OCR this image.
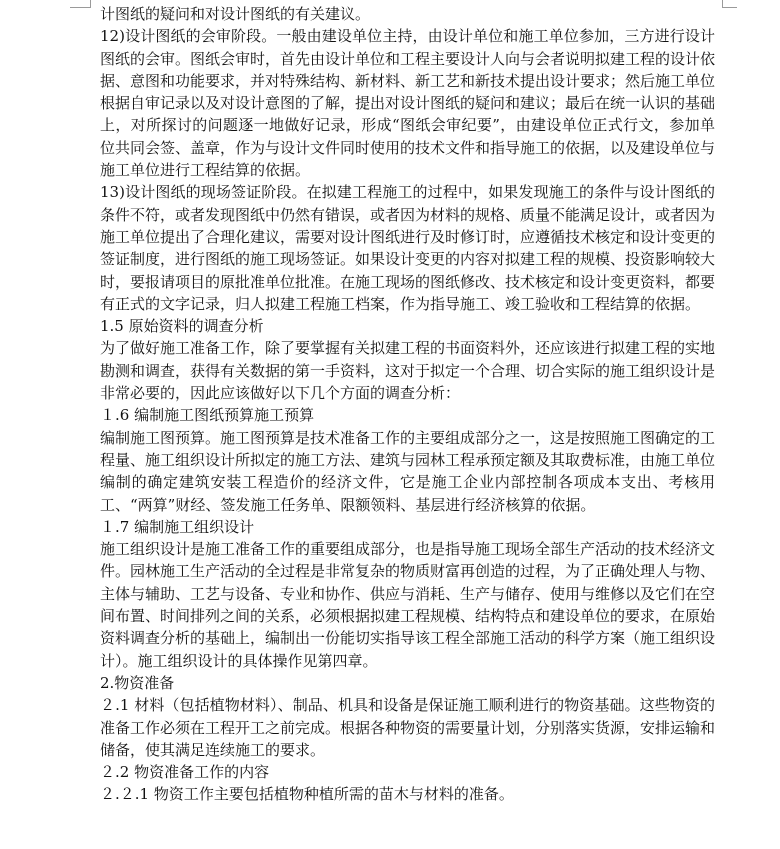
计图纸的疑问和对设计图纸的有关建议。

12)设计图纸的会审阶段。一般由建设单位主持，由设计单位和施工单位参加，三方进行设计图纸的会审。图纸会审时，首先由设计单位和工程主要设计人向与会者说明拟建工程的设计依据、意图和功能要求，并对特殊结构、新材料、新工艺和新技术提出设计要求；然后施工单位根据自审记录以及对设计意图的了解，提出对设计图纸的疑问和建议；最后在统一认识的基础上，对所探讨的问题逐一地做好记录，形成“图纸会审纪要”，由建设单位正式行文，参加单位共同会签、盖章，作为与设计文件同时使用的技术文件和指导施工的依据，以及建设单位与施工单位进行工程结算的依据。

13)设计图纸的现场签证阶段。在拟建工程施工的过程中，如果发现施工的条件与设计图纸的条件不符，或者发现图纸中仍然有错误，或者因为材料的规格、质量不能满足设计，或者因为施工单位提出了合理化建议，需要对设计图纸进行及时修订时，应遵循技术核定和设计变更的签证制度，进行图纸的施工现场签证。如果设计变更的内容对拟建工程的规模、投资影响较大时，要报请项目的原批准单位批准。在施工现场的图纸修改、技术核定和设计变更资料，都要有正式的文字记录，归人拟建工程施工档案，作为指导施工、竣工验收和工程结算的依据。

1.5 原始资料的调查分析

为了做好施工准备工作，除了要掌握有关拟建工程的书面资料外，还应该进行拟建工程的实地勘测和调查，获得有关数据的第一手资料，这对于拟定一个合理、切合实际的施工组织设计是非常必要的，因此应该做好以下几个方面的调查分析：

１.6 编制施工图纸预算施工预算

编制施工图预算。施工图预算是技术准备工作的主要组成部分之一，这是按照施工图确定的工程量、施工组织设计所拟定的施工方法、建筑与园林工程承预定额及其取费标准，由施工单位编制的确定建筑安装工程造价的经济文件，它是施工企业内部控制各项成本支出、考核用工、“两算”财经、签发施工任务单、限额领料、基层进行经济核算的依据。

１.7 编制施工组织设计

施工组织设计是施工准备工作的重要组成部分，也是指导施工现场全部生产活动的技术经济文件。园林施工生产活动的全过程是非常复杂的物质财富再创造的过程，为了正确处理人与物、主体与辅助、工艺与设备、专业和协作、供应与消耗、生产与储存、使用与维修以及它们在空间布置、时间排列之间的关系，必须根据拟建工程规模、结构特点和建设单位的要求，在原始资料调查分析的基础上，编制出一份能切实指导该工程全部施工活动的科学方案（施工组织设计）。施工组织设计的具体操作见第四章。

2.物资准备

２.1 材料（包括植物材料）、制品、机具和设备是保证施工顺利进行的物资基础。这些物资的准备工作必须在工程开工之前完成。根据各种物资的需要量计划，分别落实货源，安排运输和储备，使其满足连续施工的要求。

２.2 物资准备工作的内容

２.２.1 物资工作主要包括植物种植所需的苗木与材料的准备。
